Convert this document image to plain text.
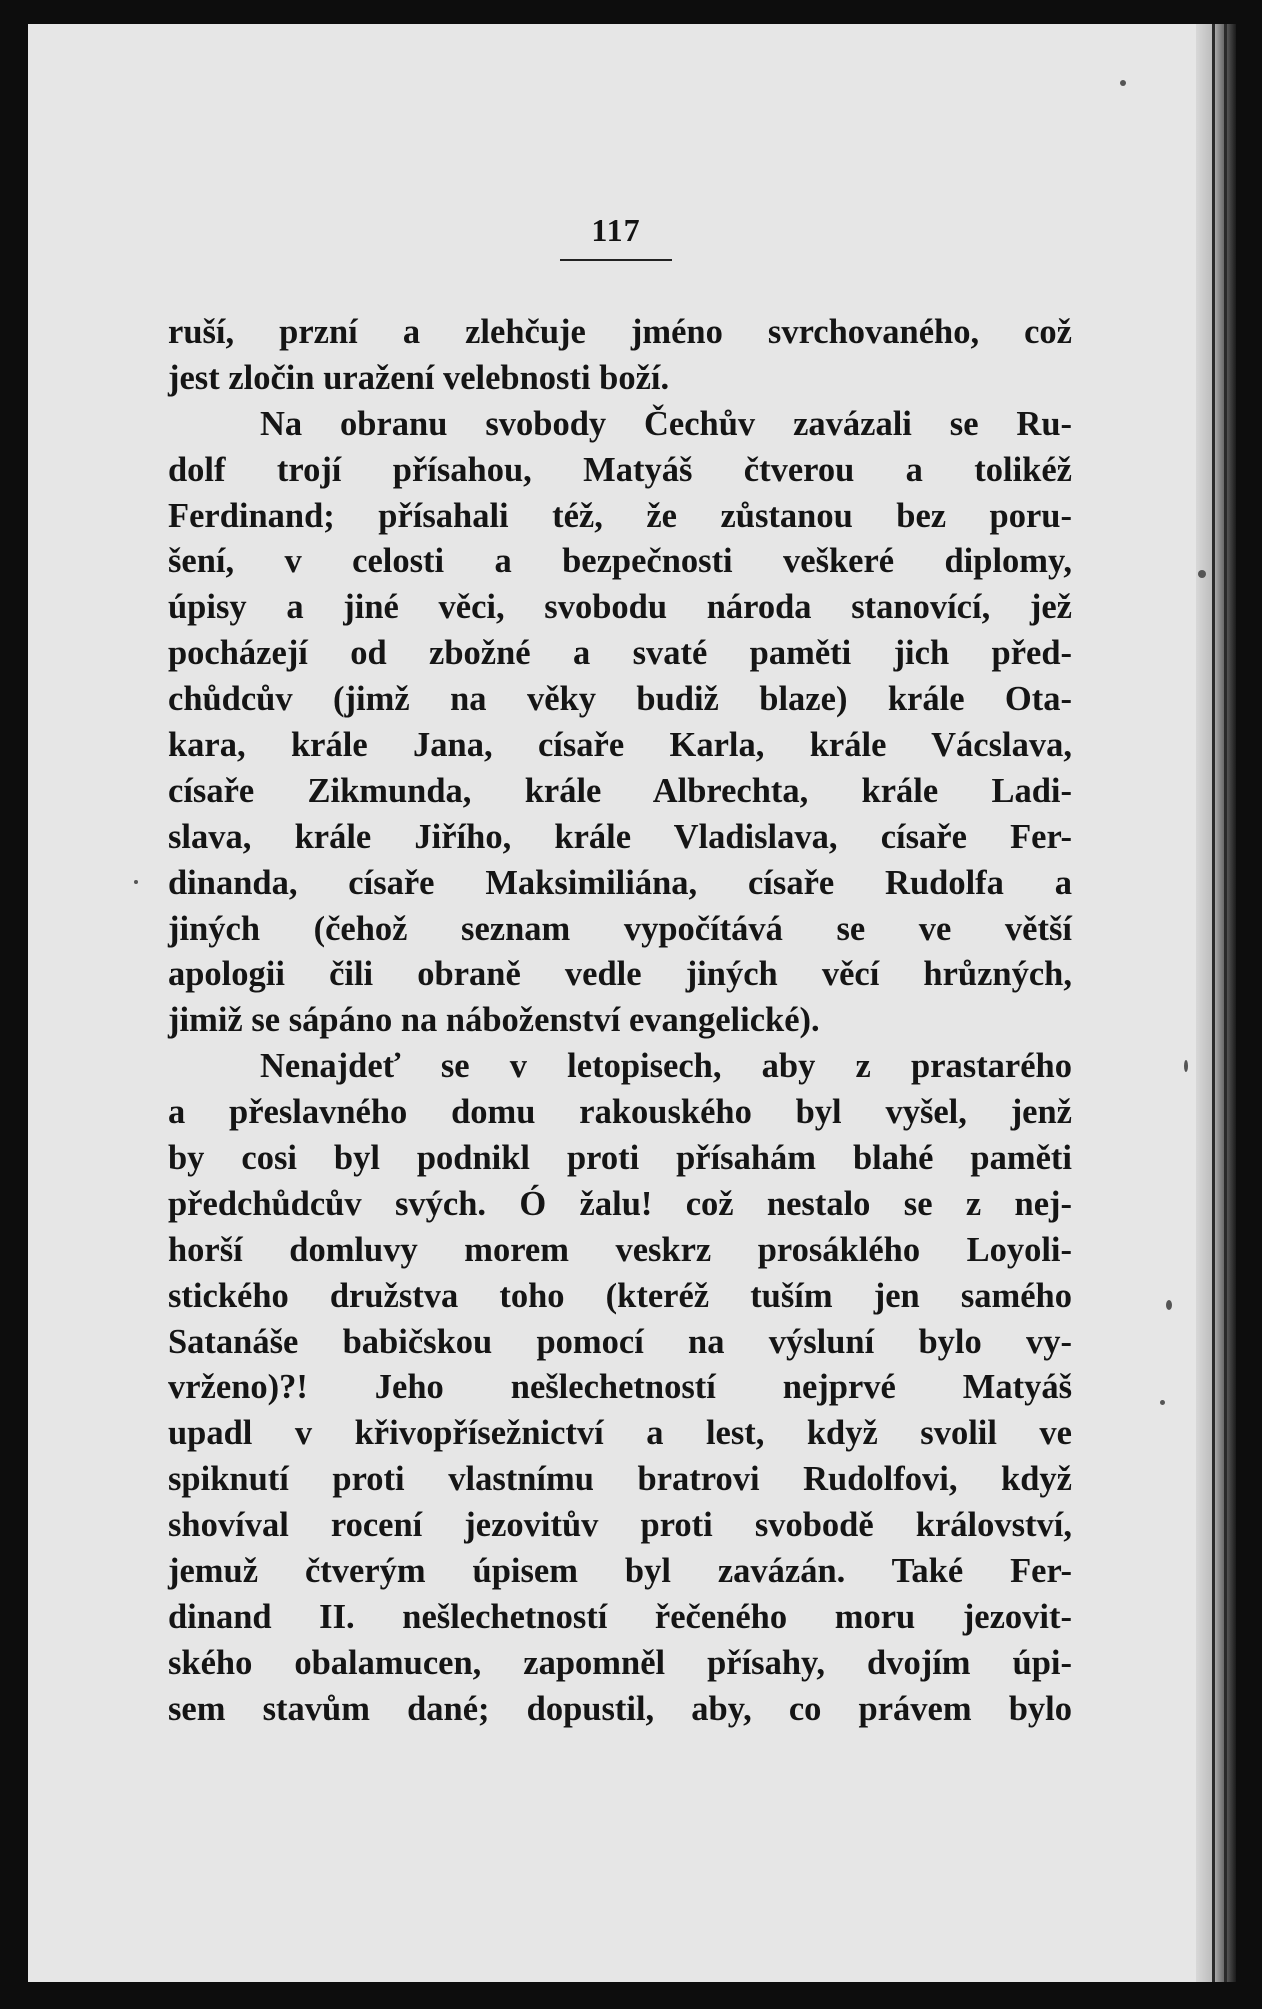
117
ruší, przní a zlehčuje jméno svrchovaného, což
jest zločin uražení velebnosti boží.
Na obranu svobody Čechův zavázali se Ru-
dolf trojí přísahou, Matyáš čtverou a tolikéž
Ferdinand; přísahali též, že zůstanou bez poru-
šení, v celosti a bezpečnosti veškeré diplomy,
úpisy a jiné věci, svobodu národa stanovící, jež
pocházejí od zbožné a svaté paměti jich před-
chůdcův (jimž na věky budiž blaze) krále Ota-
kara, krále Jana, císaře Karla, krále Vácslava,
císaře Zikmunda, krále Albrechta, krále Ladi-
slava, krále Jiřího, krále Vladislava, císaře Fer-
dinanda, císaře Maksimiliána, císaře Rudolfa a
jiných (čehož seznam vypočítává se ve větší
apologii čili obraně vedle jiných věcí hrůzných,
jimiž se sápáno na náboženství evangelické).
Nenajdeť se v letopisech, aby z prastarého
a přeslavného domu rakouského byl vyšel, jenž
by cosi byl podnikl proti přísahám blahé paměti
předchůdcův svých. Ó žalu! což nestalo se z nej-
horší domluvy morem veskrz prosáklého Loyoli-
stického družstva toho (kteréž tuším jen samého
Satanáše babičskou pomocí na výsluní bylo vy-
vrženo)?! Jeho nešlechetností nejprvé Matyáš
upadl v křivopřísežnictví a lest, když svolil ve
spiknutí proti vlastnímu bratrovi Rudolfovi, když
shovíval rocení jezovitův proti svobodě království,
jemuž čtverým úpisem byl zavázán. Také Fer-
dinand II. nešlechetností řečeného moru jezovit-
ského obalamucen, zapomněl přísahy, dvojím úpi-
sem stavům dané; dopustil, aby, co právem bylo
